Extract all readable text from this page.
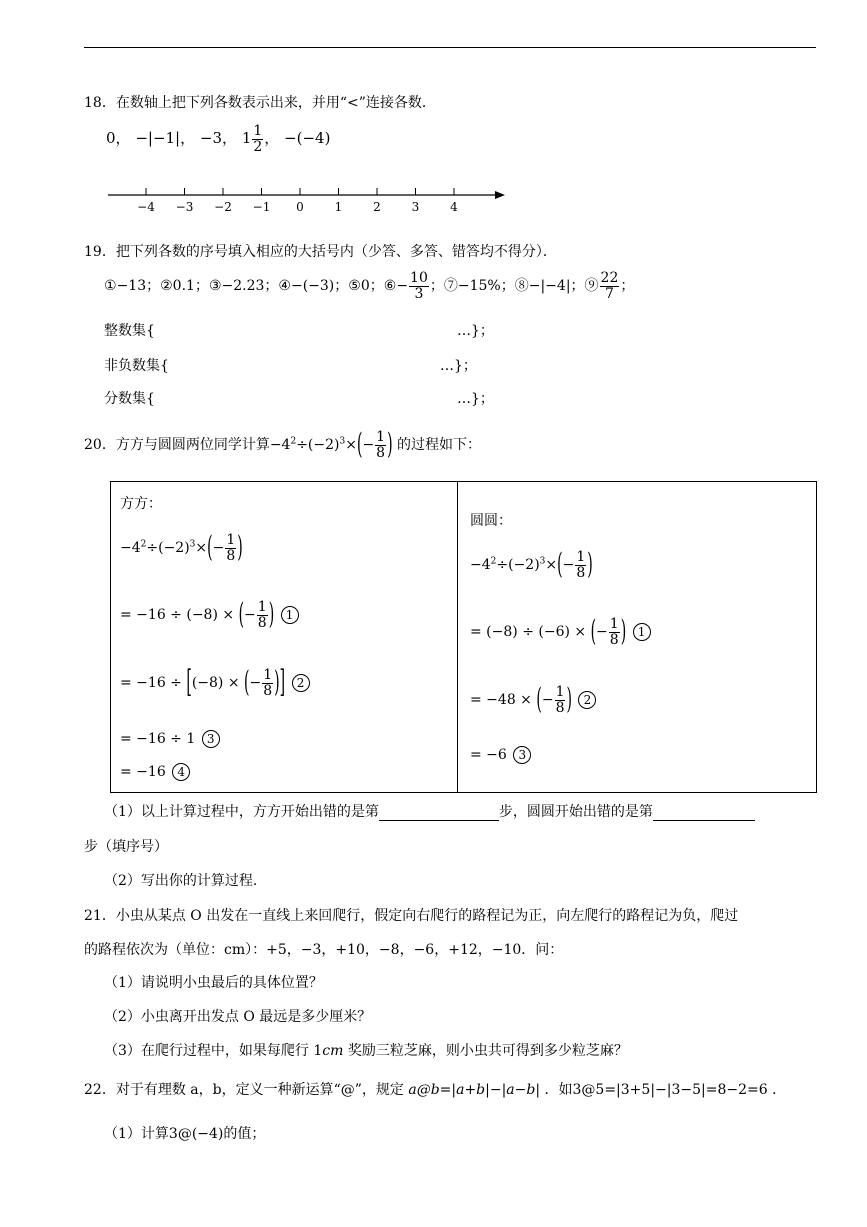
18．在数轴上把下列各数表示出来，并用“<”连接各数．
0， −|−1|， −3， $1 \frac{1}{2}$ ， −(−4)
−4 −3 −2 −1 0	1	2	3	4
19．把下列各数的序号填入相应的大括号内（少答、多答、错答均不得分）．
①−13；②0.1；③−2.23；④−(−3)；⑤0；⑥− $\frac{10}{3}$ ；⑦−15%；⑧−|−4|；⑨ $\frac{22}{7}$ ；
整数集{	…}；
非负数集{	…}；
分数集{	…}；
20．方方与圆圆两位同学计算$-4^2\div(-2)^3\times(- \frac{1}{8}$ ) 的过程如下：
方方：
$-4^2\div(-2)^3\times(- \frac{1}{8}$ )
= −16 ÷ (−8) × (− $\frac{1}{8}$ ) 1
= −16 ÷ [(−8) × (− $\frac{1}{8}$ )] 2
= −16 ÷ 1 3
= −16 4
圆圆：
$-4^2\div(-2)^3\times(- \frac{1}{8}$ )
= (−8) ÷ (−6) × (− $\frac{1}{8}$ ) 1
= −48 × (− $\frac{1}{8}$ ) 2
= −6 3
（1）以上计算过程中，方方开始出错的是第	步，圆圆开始出错的是第
步（填序号）
（2）写出你的计算过程.
21．小虫从某点 O 出发在一直线上来回爬行，假定向右爬行的路程记为正，向左爬行的路程记为负，爬过
的路程依次为（单位：cm）：+5，−3，+10，−8，−6，+12，−10．问：
（1）请说明小虫最后的具体位置？
（2）小虫离开出发点 O 最远是多少厘米？
（3）在爬行过程中，如果每爬行 1cm 奖励三粒芝麻，则小虫共可得到多少粒芝麻？
22．对于有理数 a，b，定义一种新运算“@”，规定 a@b=|a+b|−|a−b| ．如3@5=|3+5|−|3−5|=8−2=6 ．
（1）计算3@(−4)的值；
